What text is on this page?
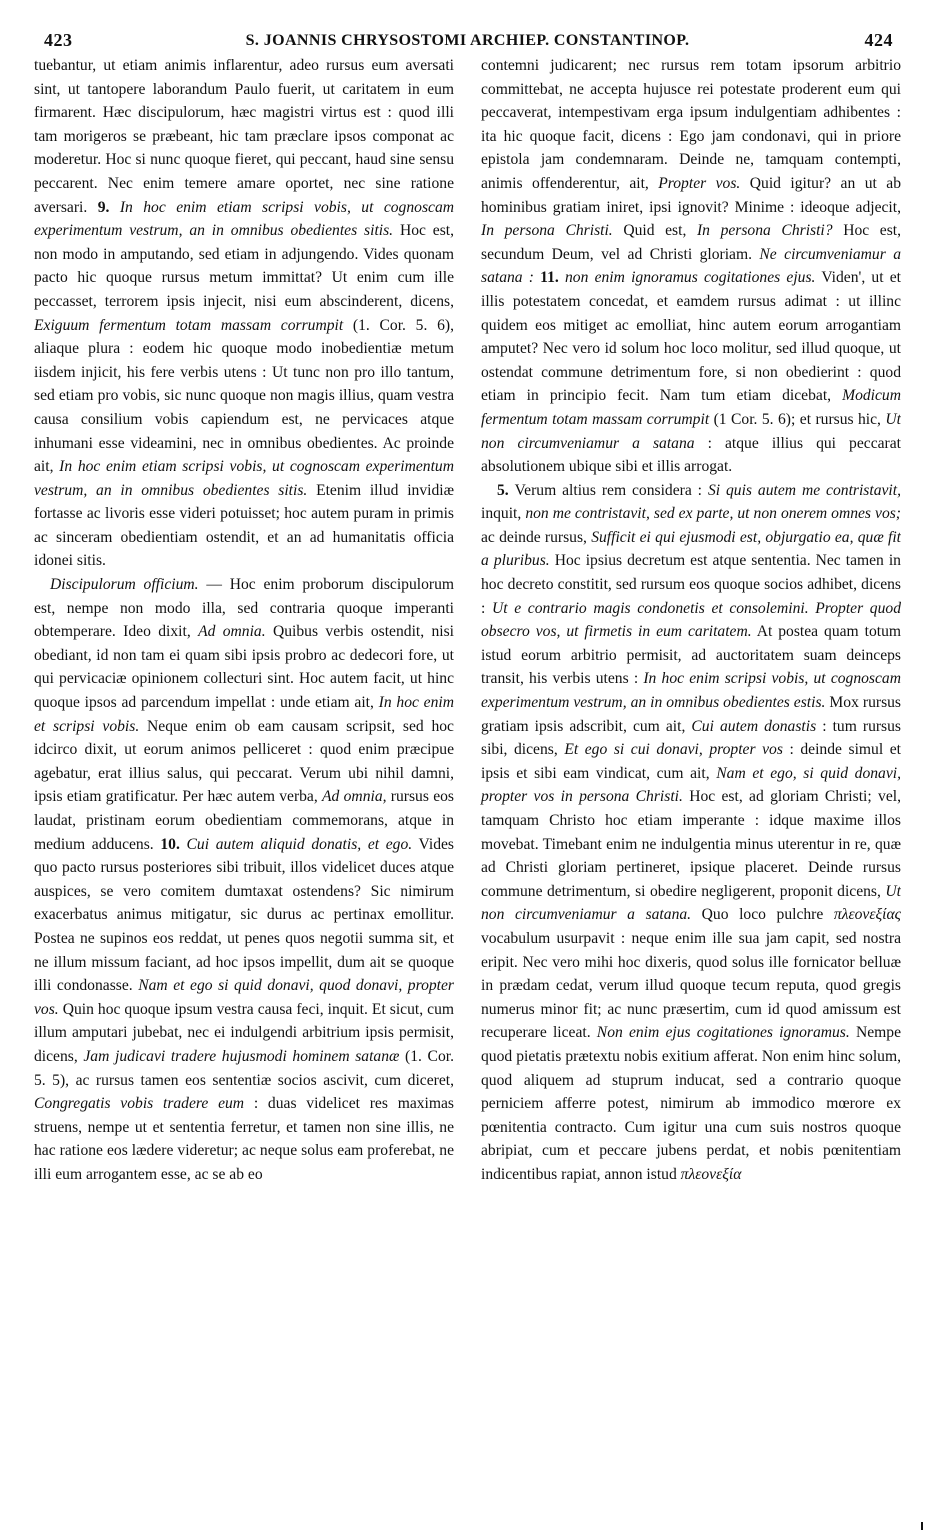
423	S. JOANNIS CHRYSOSTOMI ARCHIEP. CONSTANTINOP.	424

tuebantur, ut etiam animis inflarentur, adeo rursus eum aversati sint, ut tantopere laborandum Paulo fuerit, ut caritatem in eum firmarent. Hæc discipulorum, hæc magistri virtus est : quod illi tam morigeros se præbeant, hic tam præclare ipsos componat ac moderetur. Hoc si nunc quoque fieret, qui peccant, haud sine sensu peccarent. Nec enim temere amare oportet, nec sine ratione aversari. 9. In hoc enim etiam scripsi vobis, ut cognoscam experimentum vestrum, an in omnibus obedientes sitis. Hoc est, non modo in amputando, sed etiam in adjungendo. Vides quonam pacto hic quoque rursus metum immittat? Ut enim cum ille peccasset, terrorem ipsis injecit, nisi eum abscinderent, dicens, Exiguum fermentum totam massam corrumpit (1. Cor. 5. 6), aliaque plura : eodem hic quoque modo inobedientiæ metum iisdem injicit, his fere verbis utens : Ut tunc non pro illo tantum, sed etiam pro vobis, sic nunc quoque non magis illius, quam vestra causa consilium vobis capiendum est, ne pervicaces atque inhumani esse videamini, nec in omnibus obedientes. Ac proinde ait, In hoc enim etiam scripsi vobis, ut cognoscam experimentum vestrum, an in omnibus obedientes sitis. Etenim illud invidiæ fortasse ac livoris esse videri potuisset; hoc autem puram in primis ac sinceram obedientiam ostendit, et an ad humanitatis officia idonei sitis.

Discipulorum officium. — Hoc enim proborum discipulorum est, nempe non modo illa, sed contraria quoque imperanti obtemperare. Ideo dixit, Ad omnia. Quibus verbis ostendit, nisi obediant, id non tam ei quam sibi ipsis probro ac dedecori fore, ut qui pervicaciæ opinionem collecturi sint. Hoc autem facit, ut hinc quoque ipsos ad parcendum impellat : unde etiam ait, In hoc enim et scripsi vobis. Neque enim ob eam causam scripsit, sed hoc idcirco dixit, ut eorum animos pelliceret : quod enim præcipue agebatur, erat illius salus, qui peccarat. Verum ubi nihil damni, ipsis etiam gratificatur. Per hæc autem verba, Ad omnia, rursus eos laudat, pristinam eorum obedientiam commemorans, atque in medium adducens. 10. Cui autem aliquid donatis, et ego. Vides quo pacto rursus posteriores sibi tribuit, illos videlicet duces atque auspices, se vero comitem dumtaxat ostendens? Sic nimirum exacerbatus animus mitigatur, sic durus ac pertinax emollitur. Postea ne supinos eos reddat, ut penes quos negotii summa sit, et ne illum missum faciant, ad hoc ipsos impellit, dum ait se quoque illi condonasse. Nam et ego si quid donavi, quod donavi, propter vos. Quin hoc quoque ipsum vestra causa feci, inquit. Et sicut, cum illum amputari jubebat, nec ei indulgendi arbitrium ipsis permisit, dicens, Jam judicavi tradere hujusmodi hominem satanæ (1. Cor. 5. 5), ac rursus tamen eos sententiæ socios ascivit, cum diceret, Congregatis vobis tradere eum : duas videlicet res maximas struens, nempe ut et sententia ferretur, et tamen non sine illis, ne hac ratione eos lædere videretur; ac neque solus eam proferebat, ne illi eum arrogantem esse, ac se ab eo

contemni judicarent; nec rursus rem totam ipsorum arbitrio committebat, ne accepta hujusce rei potestate proderent eum qui peccaverat, intempestivam erga ipsum indulgentiam adhibentes : ita hic quoque facit, dicens : Ego jam condonavi, qui in priore epistola jam condemnaram. Deinde ne, tamquam contempti, animis offenderentur, ait, Propter vos. Quid igitur? an ut ab hominibus gratiam iniret, ipsi ignovit? Minime : ideoque adjecit, In persona Christi. Quid est, In persona Christi? Hoc est, secundum Deum, vel ad Christi gloriam. Ne circumveniamur a satana : 11. non enim ignoramus cogitationes ejus. Viden', ut et illis potestatem concedat, et eamdem rursus adimat : ut illinc quidem eos mitiget ac emolliat, hinc autem eorum arrogantiam amputet? Nec vero id solum hoc loco molitur, sed illud quoque, ut ostendat commune detrimentum fore, si non obedierint : quod etiam in principio fecit. Nam tum etiam dicebat, Modicum fermentum totam massam corrumpit (1 Cor. 5. 6); et rursus hic, Ut non circumveniamur a satana : atque illius qui peccarat absolutionem ubique sibi et illis arrogat.

5. Verum altius rem considera : Si quis autem me contristavit, inquit, non me contristavit, sed ex parte, ut non onerem omnes vos; ac deinde rursus, Sufficit ei qui ejusmodi est, objurgatio ea, quæ fit a pluribus. Hoc ipsius decretum est atque sententia. Nec tamen in hoc decreto constitit, sed rursum eos quoque socios adhibet, dicens : Ut e contrario magis condonetis et consolemini. Propter quod obsecro vos, ut firmetis in eum caritatem. At postea quam totum istud eorum arbitrio permisit, ad auctoritatem suam deinceps transit, his verbis utens : In hoc enim scripsi vobis, ut cognoscam experimentum vestrum, an in omnibus obedientes estis. Mox rursus gratiam ipsis adscribit, cum ait, Cui autem donastis : tum rursus sibi, dicens, Et ego si cui donavi, propter vos : deinde simul et ipsis et sibi eam vindicat, cum ait, Nam et ego, si quid donavi, propter vos in persona Christi. Hoc est, ad gloriam Christi; vel, tamquam Christo hoc etiam imperante : idque maxime illos movebat. Timebant enim ne indulgentia minus uterentur in re, quæ ad Christi gloriam pertineret, ipsique placeret. Deinde rursus commune detrimentum, si obedire negligerent, proponit dicens, Ut non circumveniamur a satana. Quo loco pulchre πλεονεξίας vocabulum usurpavit : neque enim ille sua jam capit, sed nostra eripit. Nec vero mihi hoc dixeris, quod solus ille fornicator belluæ in prædam cedat, verum illud quoque tecum reputa, quod gregis numerus minor fit; ac nunc præsertim, cum id quod amissum est recuperare liceat. Non enim ejus cogitationes ignoramus. Nempe quod pietatis prætextu nobis exitium afferat. Non enim hinc solum, quod aliquem ad stuprum inducat, sed a contrario quoque perniciem afferre potest, nimirum ab immodico mœrore ex pœnitentia contracto. Cum igitur una cum suis nostros quoque abripiat, cum et peccare jubens perdat, et nobis pœnitentiam indicentibus rapiat, annon istud πλεονεξία
